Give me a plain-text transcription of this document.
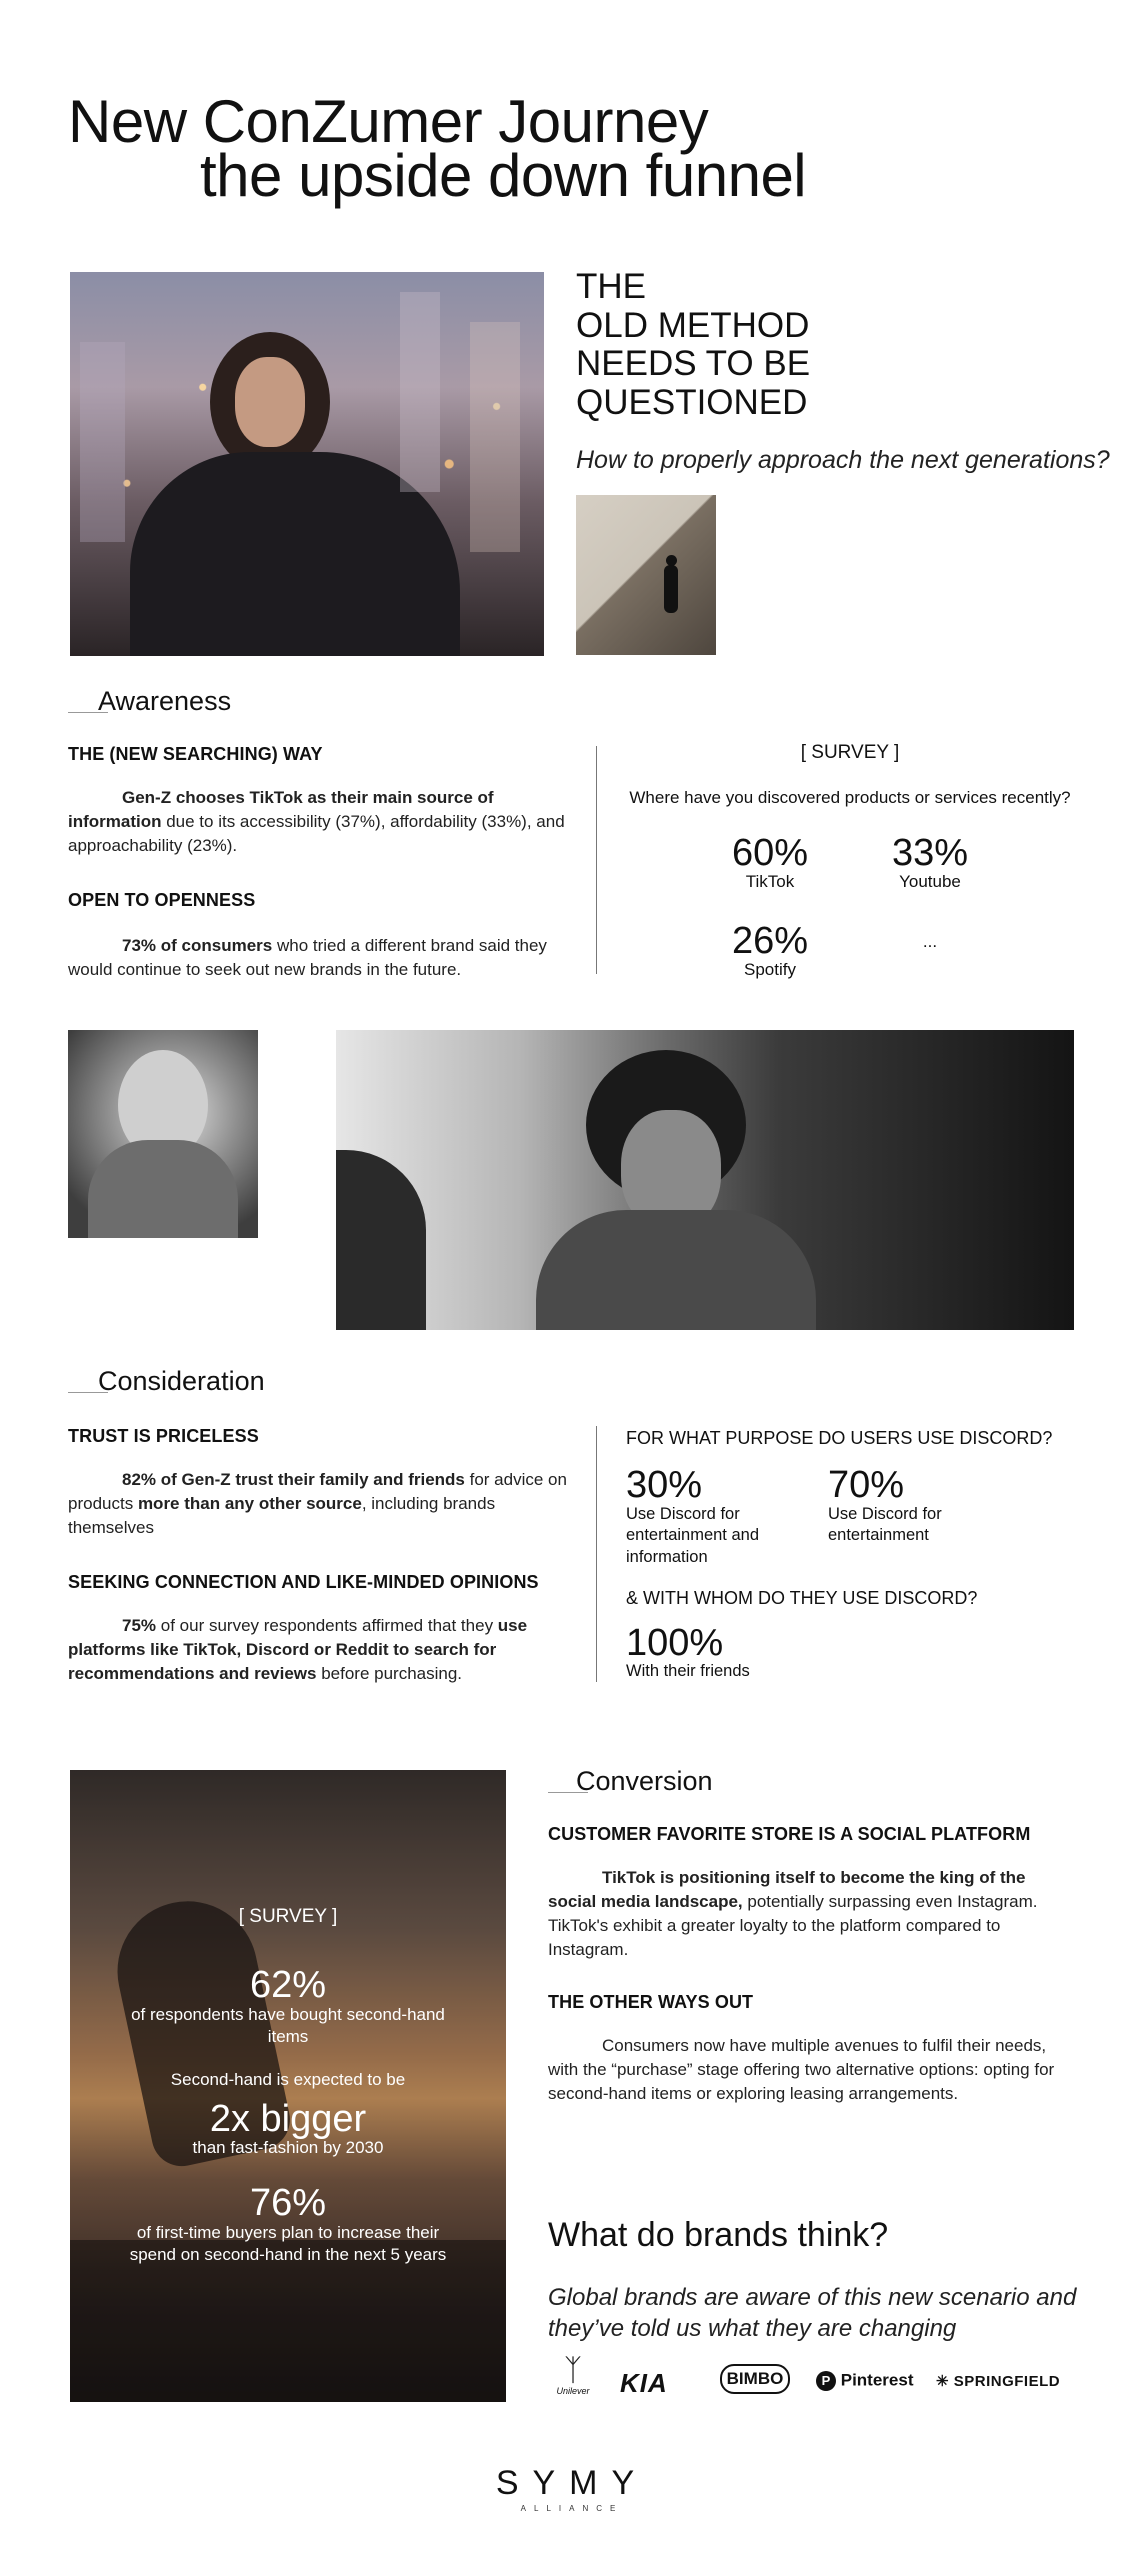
New ConZumer Journey
the upside down funnel
THE
OLD METHOD
NEEDS TO BE
QUESTIONED
How to properly approach the next generations?
Awareness
THE (NEW SEARCHING) WAY

Gen-Z chooses TikTok as their main source of information due to its accessibility (37%), affordability (33%), and approachability (23%).

OPEN TO OPENNESS

73% of consumers who tried a different brand said they would continue to seek out new brands in the future.

[ SURVEY ]
Where have you discovered products or services recently?
60%
TikTok
33%
Youtube
26%
Spotify
...
Consideration
TRUST IS PRICELESS

82% of Gen-Z trust their family and friends for advice on products more than any other source, including brands themselves

SEEKING CONNECTION AND LIKE-MINDED OPINIONS

75% of our survey respondents affirmed that they use platforms like TikTok, Discord or Reddit to search for recommendations and reviews before purchasing.

FOR WHAT PURPOSE DO USERS USE DISCORD?
30%
Use Discord for entertainment and information
70%
Use Discord for entertainment
& WITH WHOM DO THEY USE DISCORD?
100%
With their friends
[ SURVEY ]
62%
of respondents have bought second-hand items
Second-hand is expected to be
2x bigger
than fast-fashion by 2030
76%
of first-time buyers plan to increase their spend on second-hand in the next 5 years
Conversion
CUSTOMER FAVORITE STORE IS A SOCIAL PLATFORM

TikTok is positioning itself to become the king of the social media landscape, potentially surpassing even Instagram. TikTok's exhibit a greater loyalty to the platform compared to Instagram.

THE OTHER WAYS OUT

Consumers now have multiple avenues to fulfil their needs, with the “purchase” stage offering two alternative options: opting for second-hand items or exploring leasing arrangements.

What do brands think?
Global brands are aware of this new scenario and they’ve told us what they are changing
ᛉ
Unilever	KIA	BIMBO	P Pinterest ✳ SPRINGFIELD
SYMY
ALLIANCE
